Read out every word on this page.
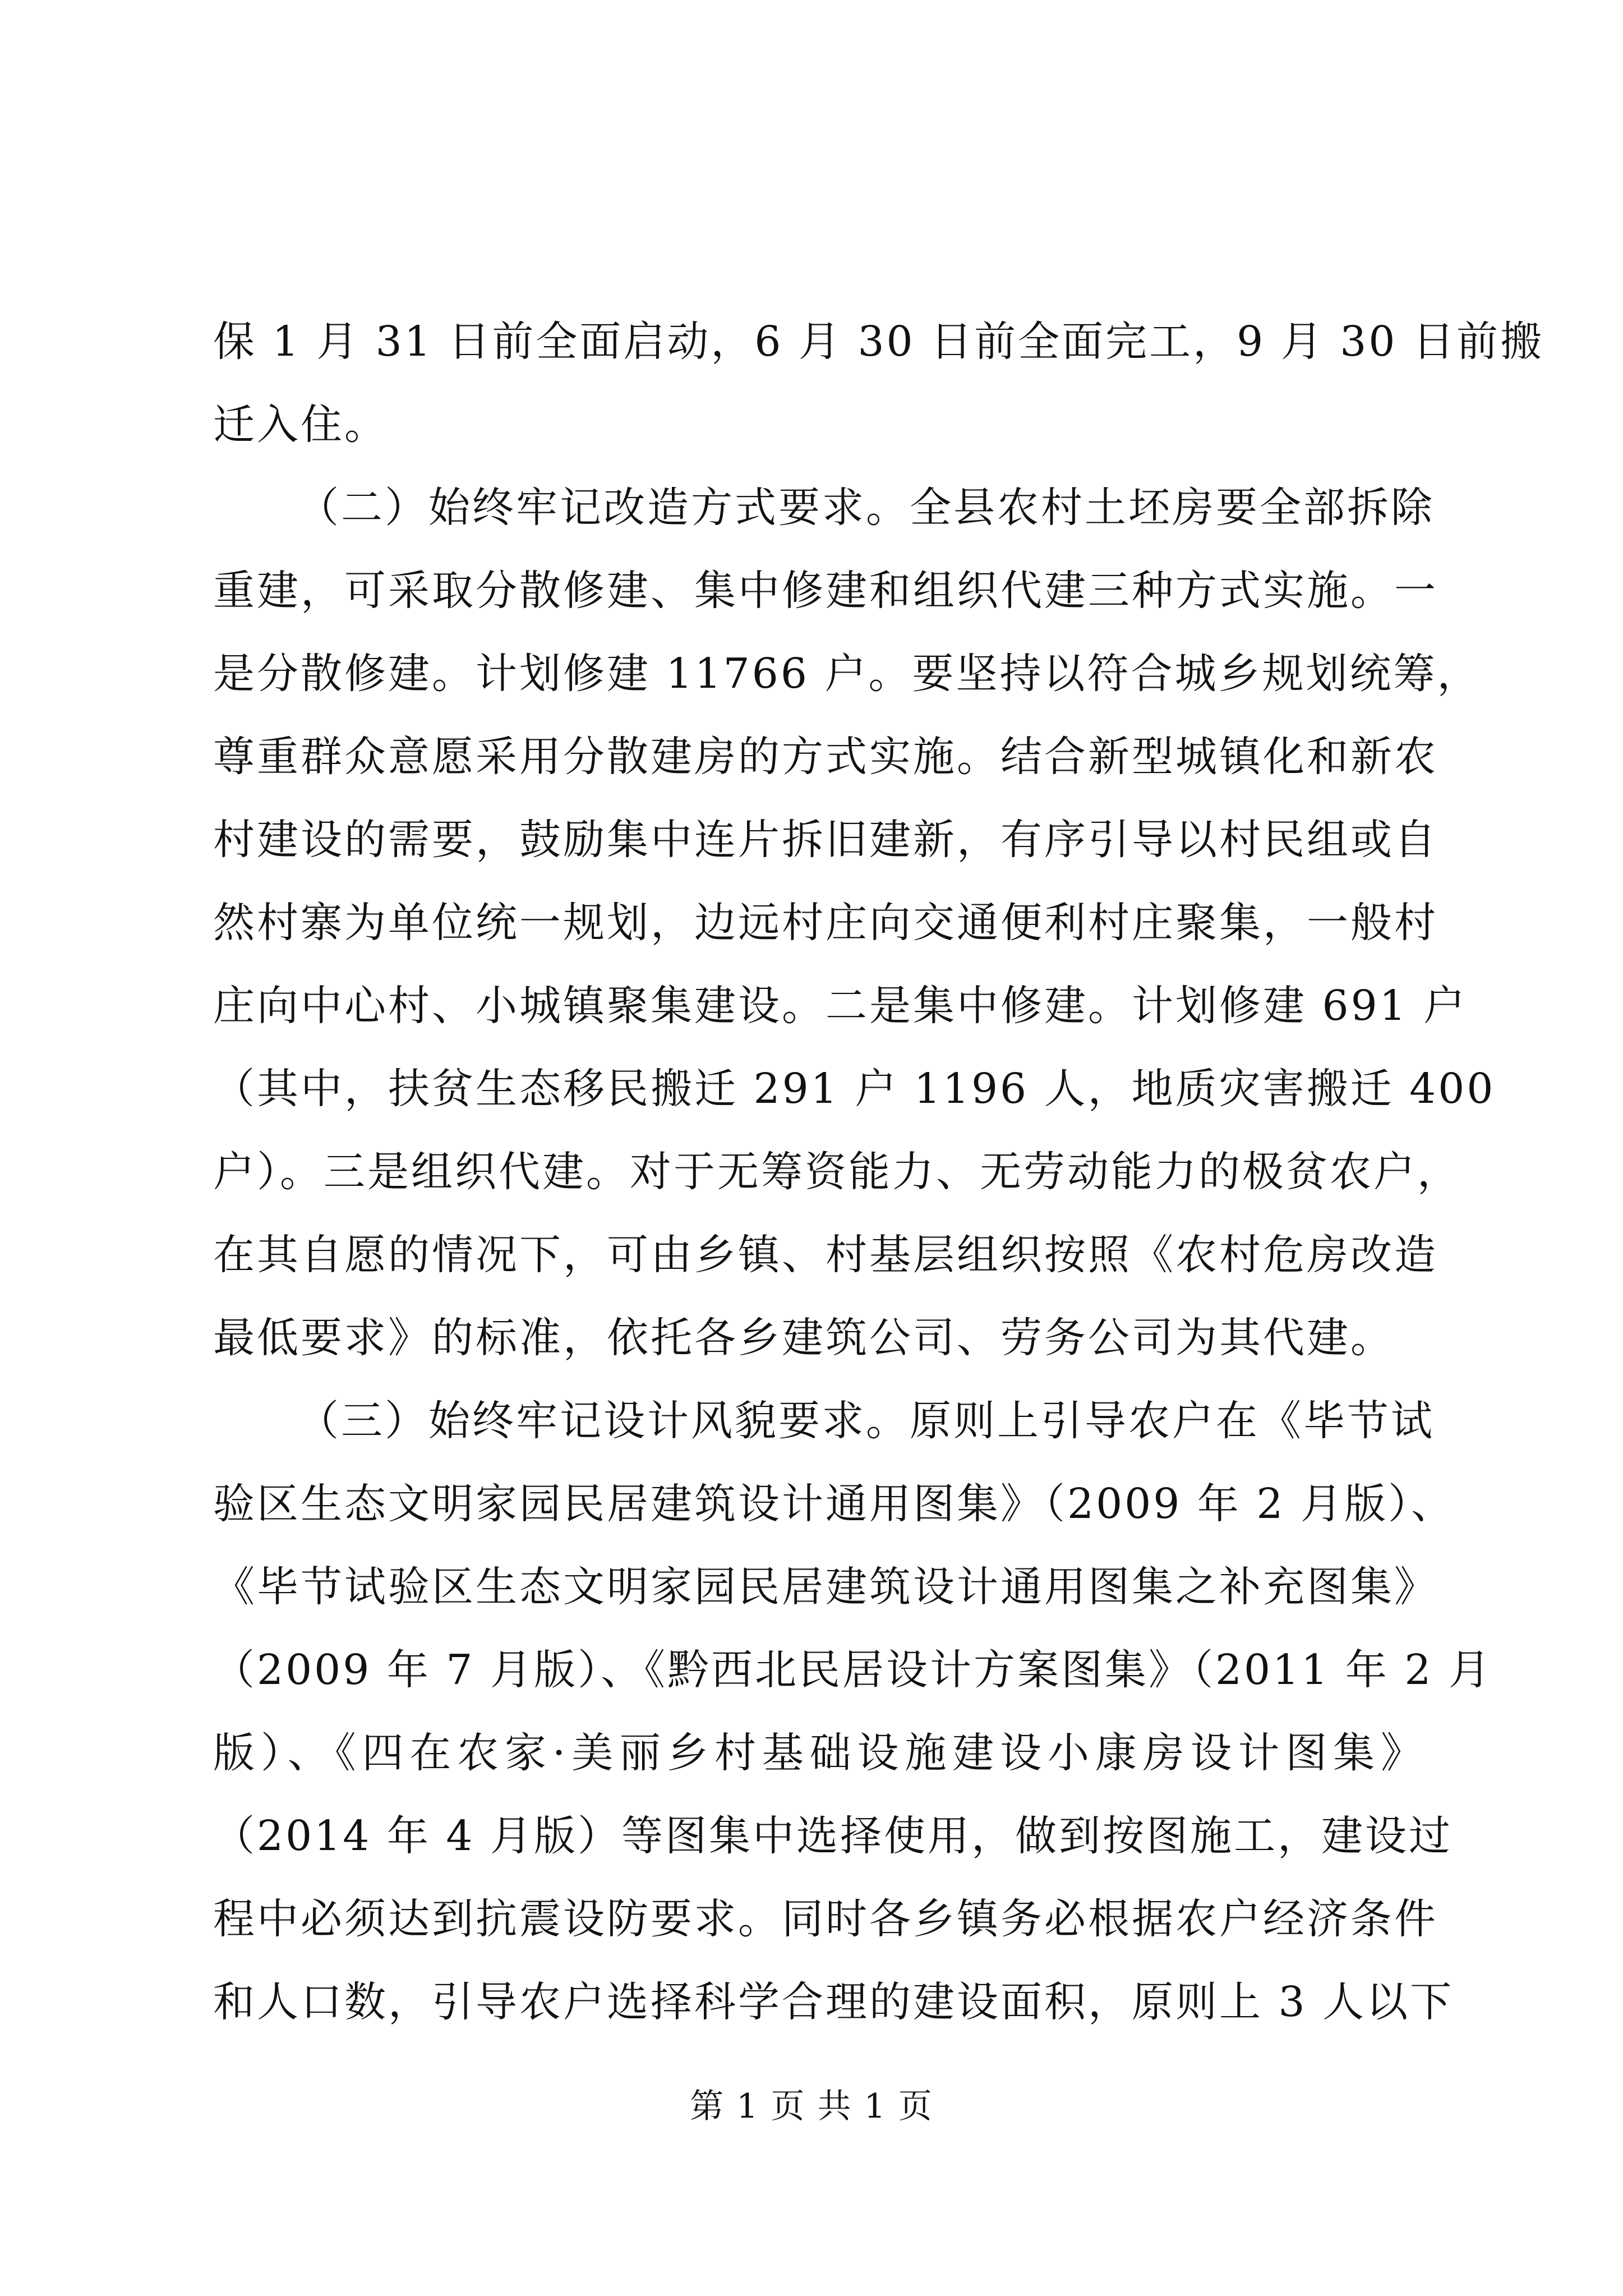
保 1 月 31 日前全面启动，6 月 30 日前全面完工，9 月 30 日前搬
迁入住。
（二）始终牢记改造方式要求。全县农村土坯房要全部拆除
重建，可采取分散修建、集中修建和组织代建三种方式实施。一
是分散修建。计划修建 11766 户。要坚持以符合城乡规划统筹，
尊重群众意愿采用分散建房的方式实施。结合新型城镇化和新农
村建设的需要，鼓励集中连片拆旧建新，有序引导以村民组或自
然村寨为单位统一规划，边远村庄向交通便利村庄聚集，一般村
庄向中心村、小城镇聚集建设。二是集中修建。计划修建 691 户
（其中，扶贫生态移民搬迁 291 户 1196 人，地质灾害搬迁 400
户）。三是组织代建。对于无筹资能力、无劳动能力的极贫农户，
在其自愿的情况下，可由乡镇、村基层组织按照《农村危房改造
最低要求》的标准，依托各乡建筑公司、劳务公司为其代建。
（三）始终牢记设计风貌要求。原则上引导农户在《毕节试
验区生态文明家园民居建筑设计通用图集》（2009 年 2 月版）、
《毕节试验区生态文明家园民居建筑设计通用图集之补充图集》
（2009 年 7 月版）、《黔西北民居设计方案图集》（2011 年 2 月
版）、《四在农家·美丽乡村基础设施建设小康房设计图集》
（2014 年 4 月版）等图集中选择使用，做到按图施工，建设过
程中必须达到抗震设防要求。同时各乡镇务必根据农户经济条件
和人口数，引导农户选择科学合理的建设面积，原则上 3 人以下
第 1 页 共 1 页
